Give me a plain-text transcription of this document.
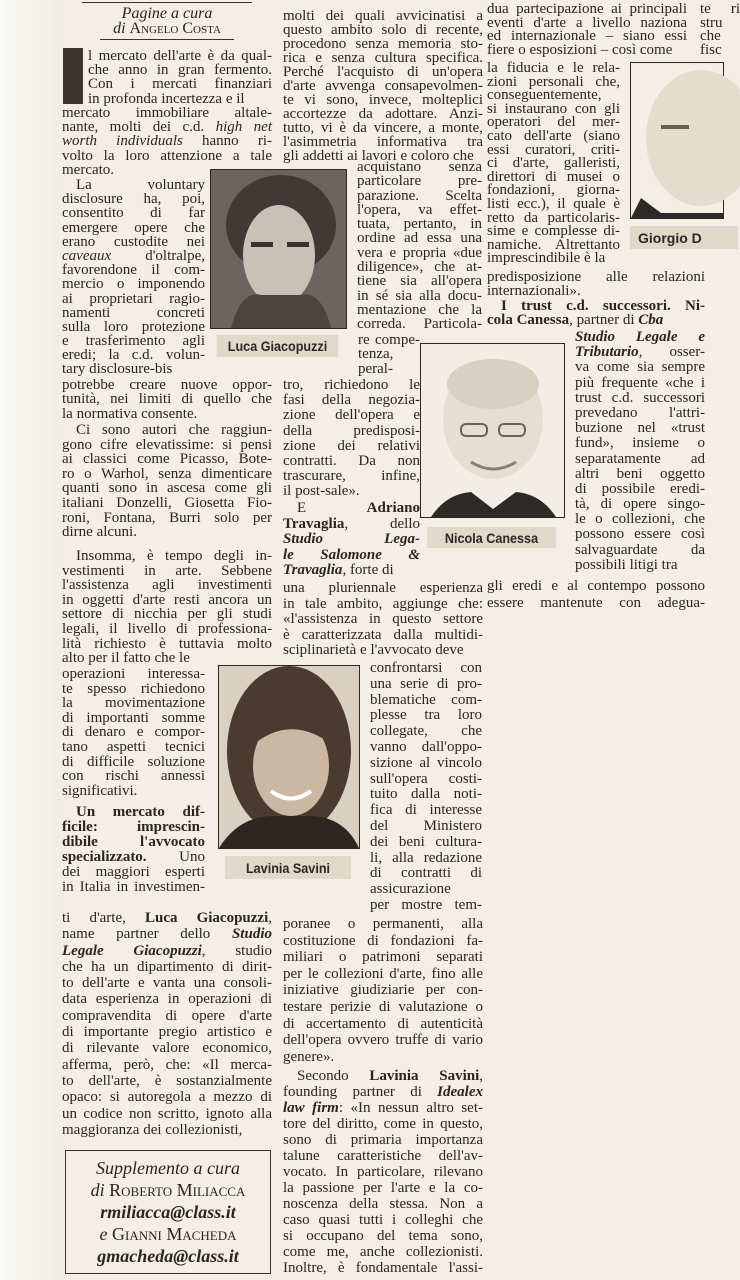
Pagine a cura
di Angelo Costa
l mercato dell'arte è da qual-
che anno in gran fermento.
Con i mercati finanziari
in profonda incertezza e il
mercato immobiliare altale-
nante, molti dei c.d. high net
worth individuals hanno ri-
volto la loro attenzione a tale
mercato.
La voluntary
disclosure ha, poi,
consentito di far
emergere opere che
erano custodite nei
caveaux d'oltralpe,
favorendone il com-
mercio o imponendo
ai proprietari ragio-
namenti concreti
sulla loro protezione
e trasferimento agli
eredi; la c.d. volun-
tary disclosure-bis
potrebbe creare nuove oppor-
tunità, nei limiti di quello che
la normativa consente.
Ci sono autori che raggiun-
gono cifre elevatissime: si pensi
ai classici come Picasso, Bote-
ro o Warhol, senza dimenticare
quanti sono in ascesa come gli
italiani Donzelli, Giosetta Fio-
roni, Fontana, Burri solo per
dirne alcuni.
Insomma, è tempo degli in-
vestimenti in arte. Sebbene
l'assistenza agli investimenti
in oggetti d'arte resti ancora un
settore di nicchia per gli studi
legali, il livello di professiona-
lità richiesto è tuttavia molto
alto per il fatto che le
operazioni interessa-
te spesso richiedono
la movimentazione
di importanti somme
di denaro e compor-
tano aspetti tecnici
di difficile soluzione
con rischi annessi
significativi.
Un mercato dif-
ficile: imprescin-
dibile l'avvocato
specializzato. Uno
dei maggiori esperti
in Italia in investimen-
ti d'arte, Luca Giacopuzzi,
name partner dello Studio
Legale Giacopuzzi, studio
che ha un dipartimento di dirit-
to dell'arte e vanta una consoli-
data esperienza in operazioni di
compravendita di opere d'arte
di importante pregio artistico e
di rilevante valore economico,
afferma, però, che: «Il merca-
to dell'arte, è sostanzialmente
opaco: si autoregola a mezzo di
un codice non scritto, ignoto alla
maggioranza dei collezionisti,
molti dei quali avvicinatisi a
questo ambito solo di recente,
procedono senza memoria sto-
rica e senza cultura specifica.
Perché l'acquisto di un'opera
d'arte avvenga consapevolmen-
te vi sono, invece, molteplici
accortezze da adottare. Anzi-
tutto, vi è da vincere, a monte,
l'asimmetria informativa tra
gli addetti ai lavori e coloro che
acquistano senza
particolare pre-
parazione. Scelta
l'opera, va effet-
tuata, pertanto, in
ordine ad essa una
vera e propria «due
diligence», che at-
tiene sia all'opera
in sé sia alla docu-
mentazione che la
correda. Particola-
re compe-
tenza,
peral-
tro, richiedono le
fasi della negozia-
zione dell'opera e
della predisposi-
zione dei relativi
contratti. Da non
trascurare, infine,
il post-sale».
E Adriano
Travaglia, dello
Studio Lega-
le Salomone &
Travaglia, forte di
una pluriennale esperienza
in tale ambito, aggiunge che:
«l'assistenza in questo settore
è caratterizzata dalla multidi-
sciplinarietà e l'avvocato deve
confrontarsi con
una serie di pro-
blematiche com-
plesse tra loro
collegate, che
vanno dall'oppo-
sizione al vincolo
sull'opera costi-
tuito dalla noti-
fica di interesse
del Ministero
dei beni cultura-
li, alla redazione
di contratti di
assicurazione
per mostre tem-
poranee o permanenti, alla
costituzione di fondazioni fa-
miliari o patrimoni separati
per le collezioni d'arte, fino alle
iniziative giudiziarie per con-
testare perizie di valutazione o
di accertamento di autenticità
dell'opera ovvero truffe di vario
genere».
Secondo Lavinia Savini,
founding partner di Idealex
law firm: «In nessun altro set-
tore del diritto, come in questo,
sono di primaria importanza
talune caratteristiche dell'av-
vocato. In particolare, rilevano
la passione per l'arte e la co-
noscenza della stessa. Non a
caso quasi tutti i colleghi che
si occupano del tema sono,
come me, anche collezionisti.
Inoltre, è fondamentale l'assi-
dua partecipazione ai principali
eventi d'arte a livello naziona
ed internazionale – siano essi
fiere o esposizioni – così come
la fiducia e le rela-
zioni personali che,
conseguentemente,
si instaurano con gli
operatori del mer-
cato dell'arte (siano
essi curatori, criti-
ci d'arte, galleristi,
direttori di musei o
fondazioni, giorna-
listi ecc.), il quale è
retto da particolaris-
sime e complesse di-
namiche. Altrettanto
imprescindibile è la
predisposizione alle relazioni
internazionali».
I trust c.d. successori. Ni-
cola Canessa, partner di Cba
Studio Legale e
Tributario, osser-
va come sia sempre
più frequente «che i
trust c.d. successori
prevedano l'attri-
buzione nel «trust
fund», insieme o
separatamente ad
altri beni oggetto
di possibile eredi-
tà, di opere singo-
le o collezioni, che
possono essere così
salvaguardate da
possibili litigi tra
gli eredi e al contempo possono
essere mantenute con adegua-
te ri
stru
che
fisc
Luca Giacopuzzi
Nicola Canessa
Lavinia Savini
Giorgio D
Supplemento a cura
di Roberto Miliacca
rmiliacca@class.it
e Gianni Macheda
gmacheda@class.it
